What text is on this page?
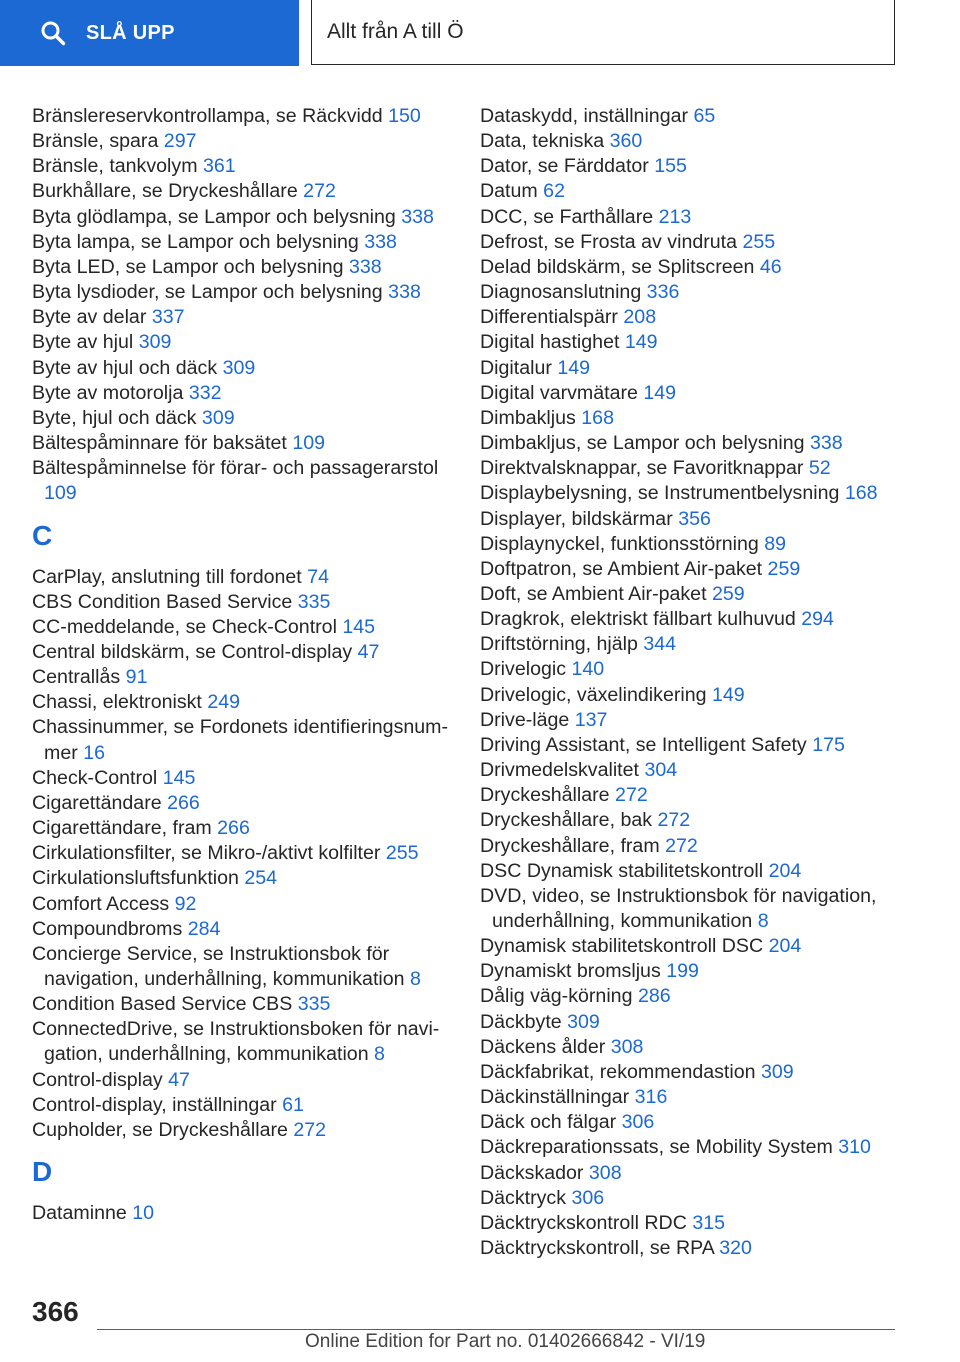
SLÅ UPP	Allt från A till Ö
Bränslereservkontrollampa, se Räckvidd 150
Bränsle, spara 297
Bränsle, tankvolym 361
Burkhållare, se Dryckeshållare 272
Byta glödlampa, se Lampor och belysning 338
Byta lampa, se Lampor och belysning 338
Byta LED, se Lampor och belysning 338
Byta lysdioder, se Lampor och belysning 338
Byte av delar 337
Byte av hjul 309
Byte av hjul och däck 309
Byte av motorolja 332
Byte, hjul och däck 309
Bältespåminnare för baksätet 109
Bältespåminnelse för förar- och passagerarstol 109
C
CarPlay, anslutning till fordonet 74
CBS Condition Based Service 335
CC-meddelande, se Check-Control 145
Central bildskärm, se Control-display 47
Centrallås 91
Chassi, elektroniskt 249
Chassinummer, se Fordonets identifieringsnummer 16
Check-Control 145
Cigarettändare 266
Cigarettändare, fram 266
Cirkulationsfilter, se Mikro-/aktivt kolfilter 255
Cirkulationsluftsfunktion 254
Comfort Access 92
Compoundbroms 284
Concierge Service, se Instruktionsbok för navigation, underhållning, kommunikation 8
Condition Based Service CBS 335
ConnectedDrive, se Instruktionsboken för navigation, underhållning, kommunikation 8
Control-display 47
Control-display, inställningar 61
Cupholder, se Dryckeshållare 272
D
Dataminne 10
Dataskydd, inställningar 65
Data, tekniska 360
Dator, se Färddator 155
Datum 62
DCC, se Farthållare 213
Defrost, se Frosta av vindruta 255
Delad bildskärm, se Splitscreen 46
Diagnosanslutning 336
Differentialspärr 208
Digital hastighet 149
Digitalur 149
Digital varvmätare 149
Dimbakljus 168
Dimbakljus, se Lampor och belysning 338
Direktvalsknappar, se Favoritknappar 52
Displaybelysning, se Instrumentbelysning 168
Displayer, bildskärmar 356
Displaynyckel, funktionsstörning 89
Doftpatron, se Ambient Air-paket 259
Doft, se Ambient Air-paket 259
Dragkrok, elektriskt fällbart kulhuvud 294
Driftstörning, hjälp 344
Drivelogic 140
Drivelogic, växelindikering 149
Drive-läge 137
Driving Assistant, se Intelligent Safety 175
Drivmedelskvalitet 304
Dryckeshållare 272
Dryckeshållare, bak 272
Dryckeshållare, fram 272
DSC Dynamisk stabilitetskontroll 204
DVD, video, se Instruktionsbok för navigation, underhållning, kommunikation 8
Dynamisk stabilitetskontroll DSC 204
Dynamiskt bromsljus 199
Dålig väg-körning 286
Däckbyte 309
Däckens ålder 308
Däckfabrikat, rekommendastion 309
Däckinställningar 316
Däck och fälgar 306
Däckreparationssats, se Mobility System 310
Däckskador 308
Däcktryck 306
Däcktryckskontroll RDC 315
Däcktryckskontroll, se RPA 320
366
Online Edition for Part no. 01402666842 - VI/19
